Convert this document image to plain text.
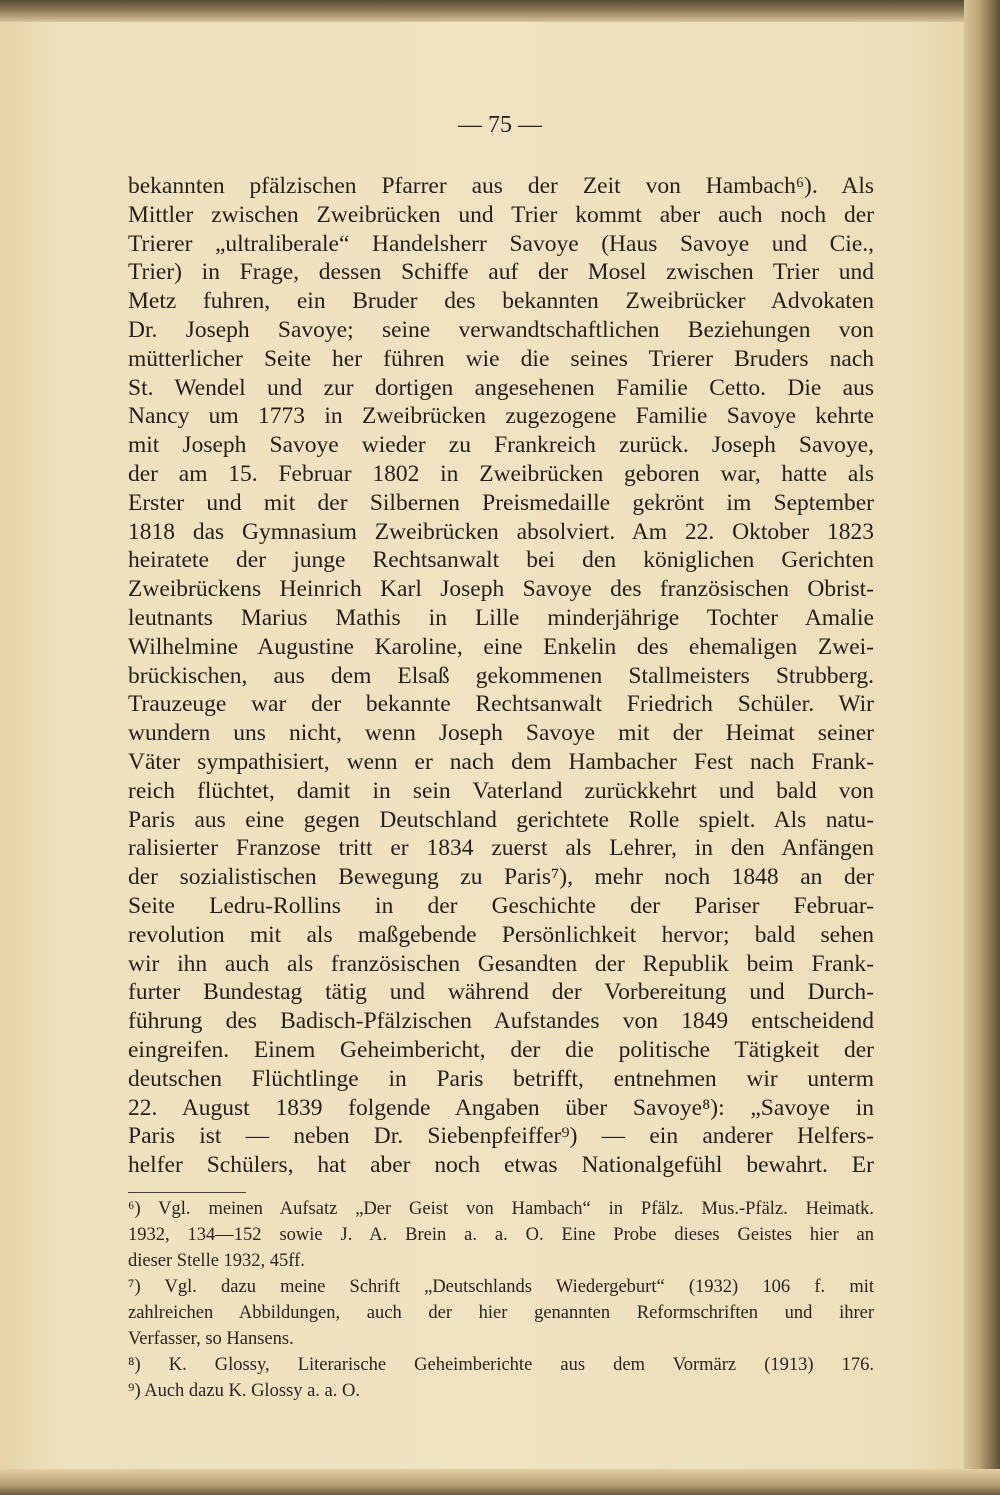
— 75 —
bekannten pfälzischen Pfarrer aus der Zeit von Hambach⁶). Als
Mittler zwischen Zweibrücken und Trier kommt aber auch noch der
Trierer „ultraliberale“ Handelsherr Savoye (Haus Savoye und Cie.,
Trier) in Frage, dessen Schiffe auf der Mosel zwischen Trier und
Metz fuhren, ein Bruder des bekannten Zweibrücker Advokaten
Dr. Joseph Savoye; seine verwandtschaftlichen Beziehungen von
mütterlicher Seite her führen wie die seines Trierer Bruders nach
St. Wendel und zur dortigen angesehenen Familie Cetto. Die aus
Nancy um 1773 in Zweibrücken zugezogene Familie Savoye kehrte
mit Joseph Savoye wieder zu Frankreich zurück. Joseph Savoye,
der am 15. Februar 1802 in Zweibrücken geboren war, hatte als
Erster und mit der Silbernen Preismedaille gekrönt im September
1818 das Gymnasium Zweibrücken absolviert. Am 22. Oktober 1823
heiratete der junge Rechtsanwalt bei den königlichen Gerichten
Zweibrückens Heinrich Karl Joseph Savoye des französischen Obrist-
leutnants Marius Mathis in Lille minderjährige Tochter Amalie
Wilhelmine Augustine Karoline, eine Enkelin des ehemaligen Zwei-
brückischen, aus dem Elsaß gekommenen Stallmeisters Strubberg.
Trauzeuge war der bekannte Rechtsanwalt Friedrich Schüler. Wir
wundern uns nicht, wenn Joseph Savoye mit der Heimat seiner
Väter sympathisiert, wenn er nach dem Hambacher Fest nach Frank-
reich flüchtet, damit in sein Vaterland zurückkehrt und bald von
Paris aus eine gegen Deutschland gerichtete Rolle spielt. Als natu-
ralisierter Franzose tritt er 1834 zuerst als Lehrer, in den Anfängen
der sozialistischen Bewegung zu Paris⁷), mehr noch 1848 an der
Seite Ledru-Rollins in der Geschichte der Pariser Februar-
revolution mit als maßgebende Persönlichkeit hervor; bald sehen
wir ihn auch als französischen Gesandten der Republik beim Frank-
furter Bundestag tätig und während der Vorbereitung und Durch-
führung des Badisch-Pfälzischen Aufstandes von 1849 entscheidend
eingreifen. Einem Geheimbericht, der die politische Tätigkeit der
deutschen Flüchtlinge in Paris betrifft, entnehmen wir unterm
22. August 1839 folgende Angaben über Savoye⁸): „Savoye in
Paris ist — neben Dr. Siebenpfeiffer⁹) — ein anderer Helfers-
helfer Schülers, hat aber noch etwas Nationalgefühl bewahrt. Er
⁶) Vgl. meinen Aufsatz „Der Geist von Hambach“ in Pfälz. Mus.-Pfälz. Heimatk.
1932, 134—152 sowie J. A. Brein a. a. O. Eine Probe dieses Geistes hier an
dieser Stelle 1932, 45ff.
⁷) Vgl. dazu meine Schrift „Deutschlands Wiedergeburt“ (1932) 106 f. mit
zahlreichen Abbildungen, auch der hier genannten Reformschriften und ihrer
Verfasser, so Hansens.
⁸) K. Glossy, Literarische Geheimberichte aus dem Vormärz (1913) 176.
⁹) Auch dazu K. Glossy a. a. O.
